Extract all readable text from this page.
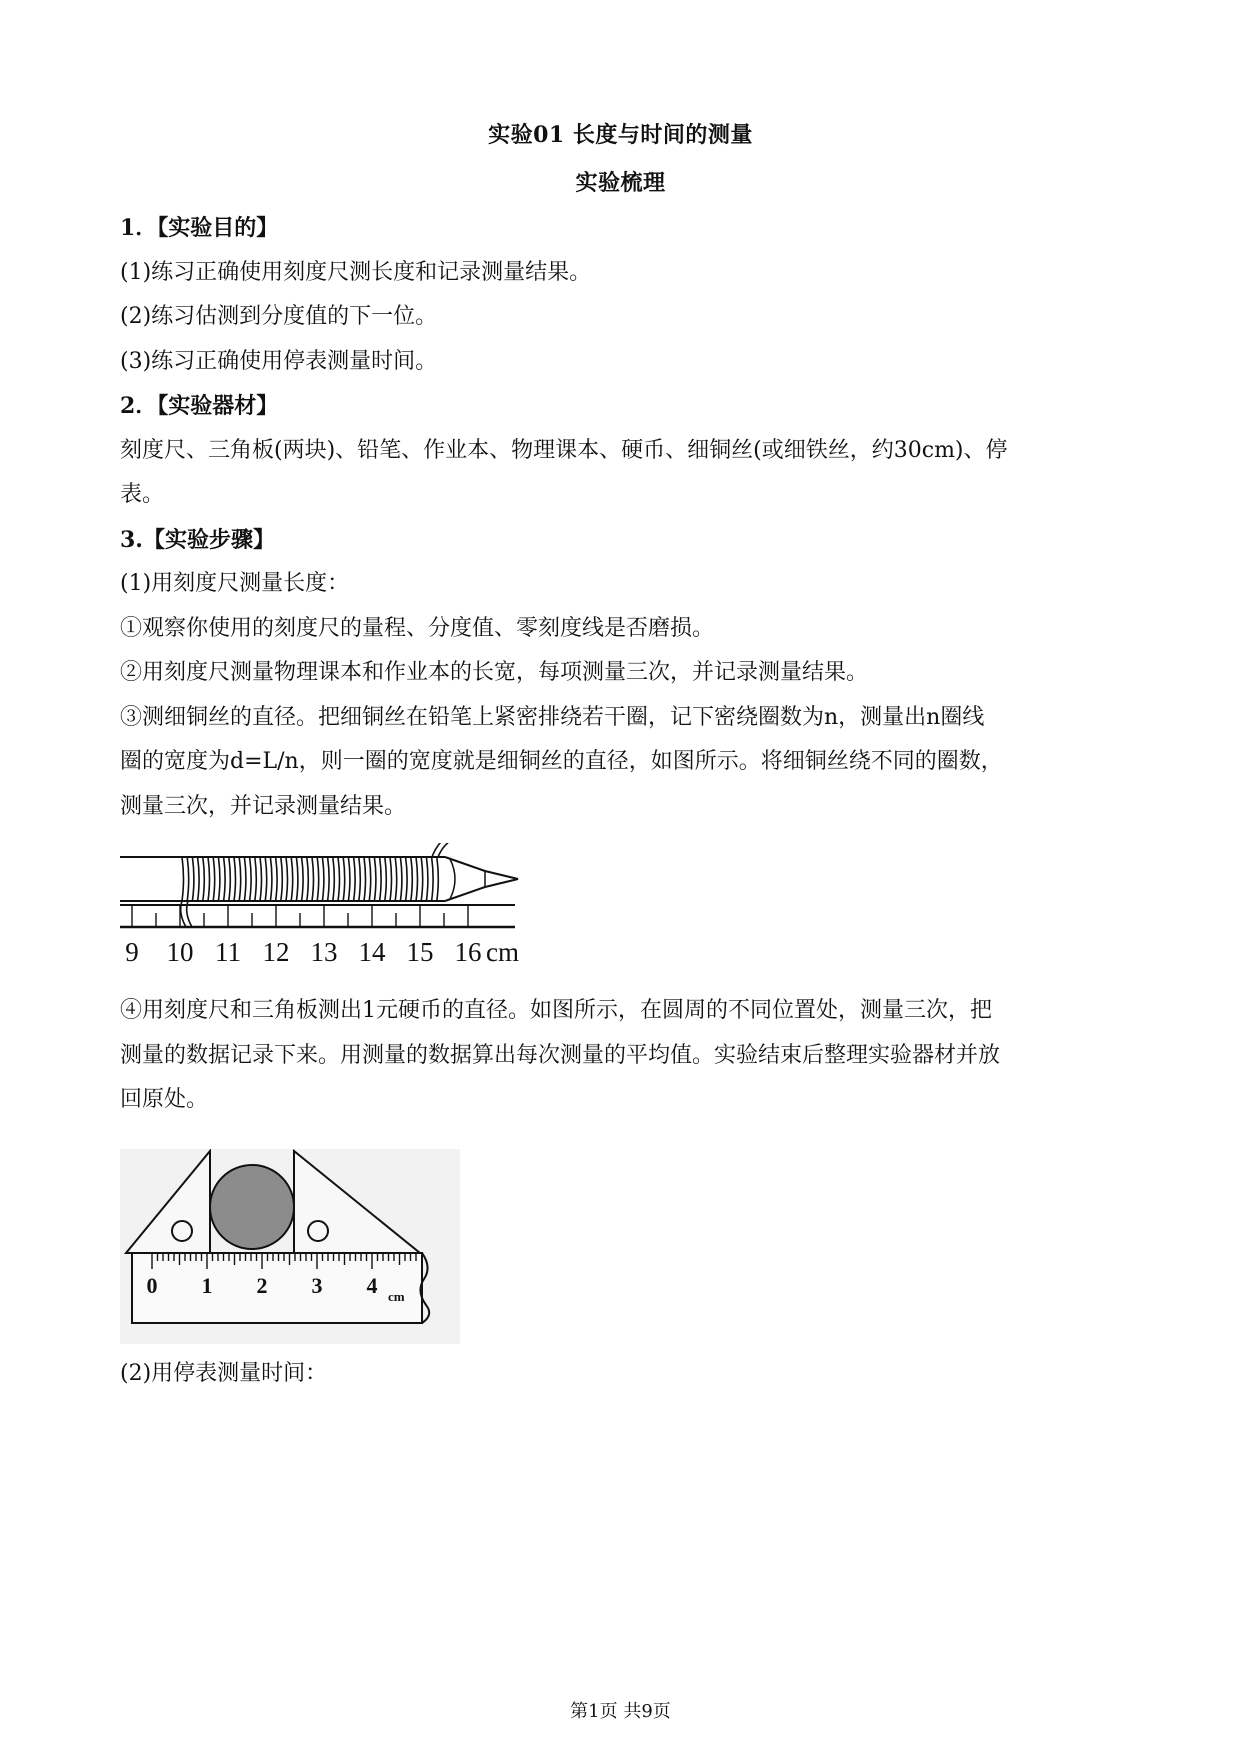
实验01 长度与时间的测量
实验梳理
1．【实验目的】
(1)练习正确使用刻度尺测长度和记录测量结果。
(2)练习估测到分度值的下一位。
(3)练习正确使用停表测量时间。
2．【实验器材】
刻度尺、三角板(两块)、铅笔、作业本、物理课本、硬币、细铜丝(或细铁丝，约30cm)、停
表。
3.【实验步骤】
(1)用刻度尺测量长度：
①观察你使用的刻度尺的量程、分度值、零刻度线是否磨损。
②用刻度尺测量物理课本和作业本的长宽，每项测量三次，并记录测量结果。
③测细铜丝的直径。把细铜丝在铅笔上紧密排绕若干圈，记下密绕圈数为n，测量出n圈线
圈的宽度为d=L/n，则一圈的宽度就是细铜丝的直径，如图所示。将细铜丝绕不同的圈数，
测量三次，并记录测量结果。
9 10 11 12 13 14 15 16 cm
④用刻度尺和三角板测出1元硬币的直径。如图所示，在圆周的不同位置处，测量三次，把
测量的数据记录下来。用测量的数据算出每次测量的平均值。实验结束后整理实验器材并放
回原处。
0 1 2 3 4 cm
(2)用停表测量时间：
第1页 共9页
